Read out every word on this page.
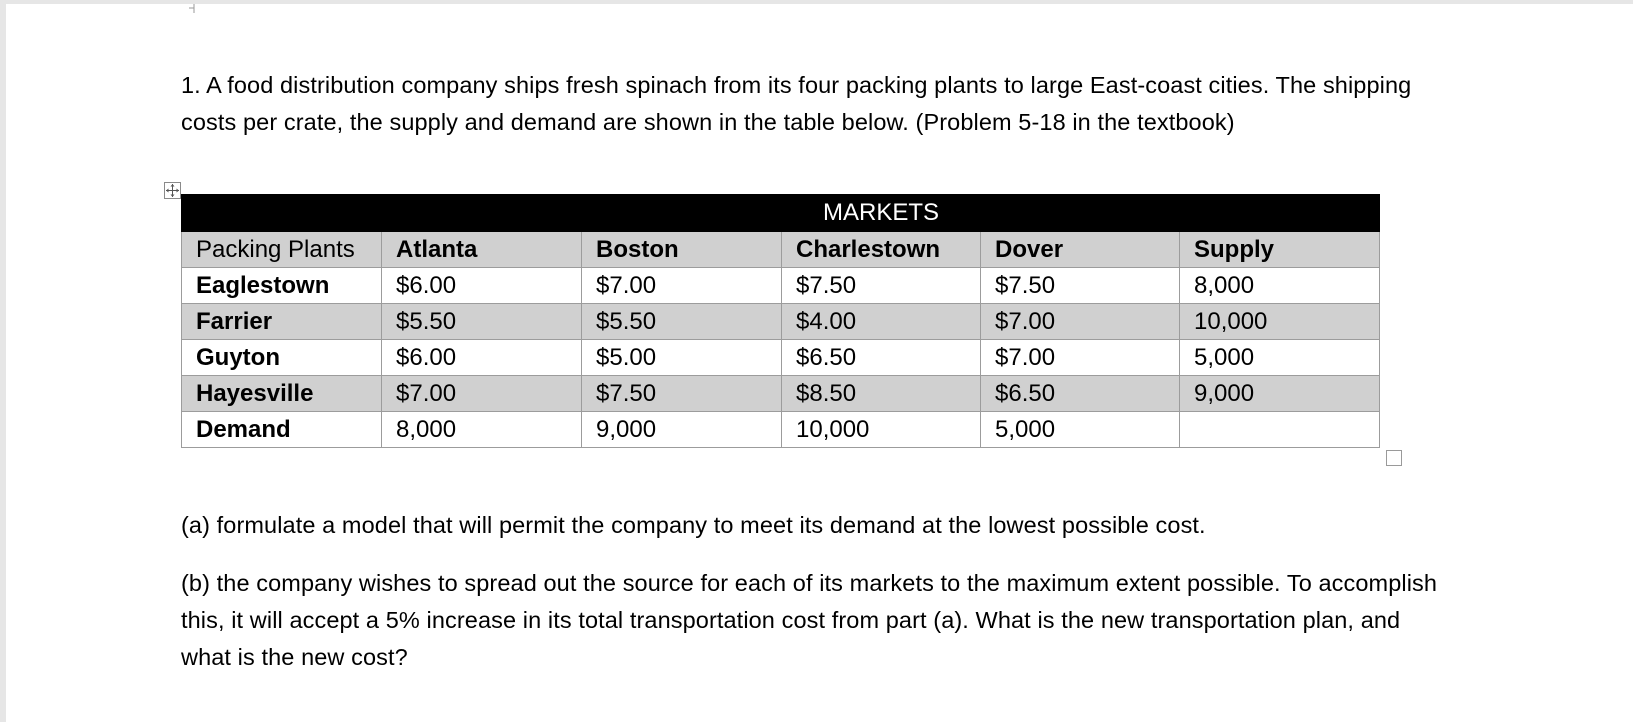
1. A food distribution company ships fresh spinach from its four packing plants to large East-coast cities. The shipping costs per crate, the supply and demand are shown in the table below. (Problem 5-18 in the textbook)
			MARKETS		
Packing Plants	Atlanta	Boston	Charlestown	Dover	Supply
Eaglestown	$6.00	$7.00	$7.50	$7.50	8,000
Farrier	$5.50	$5.50	$4.00	$7.00	10,000
Guyton	$6.00	$5.00	$6.50	$7.00	5,000
Hayesville	$7.00	$7.50	$8.50	$6.50	9,000
Demand	8,000	9,000	10,000	5,000	
(a) formulate a model that will permit the company to meet its demand at the lowest possible cost.
(b) the company wishes to spread out the source for each of its markets to the maximum extent possible. To accomplish this, it will accept a 5% increase in its total transportation cost from part (a). What is the new transportation plan, and what is the new cost?
